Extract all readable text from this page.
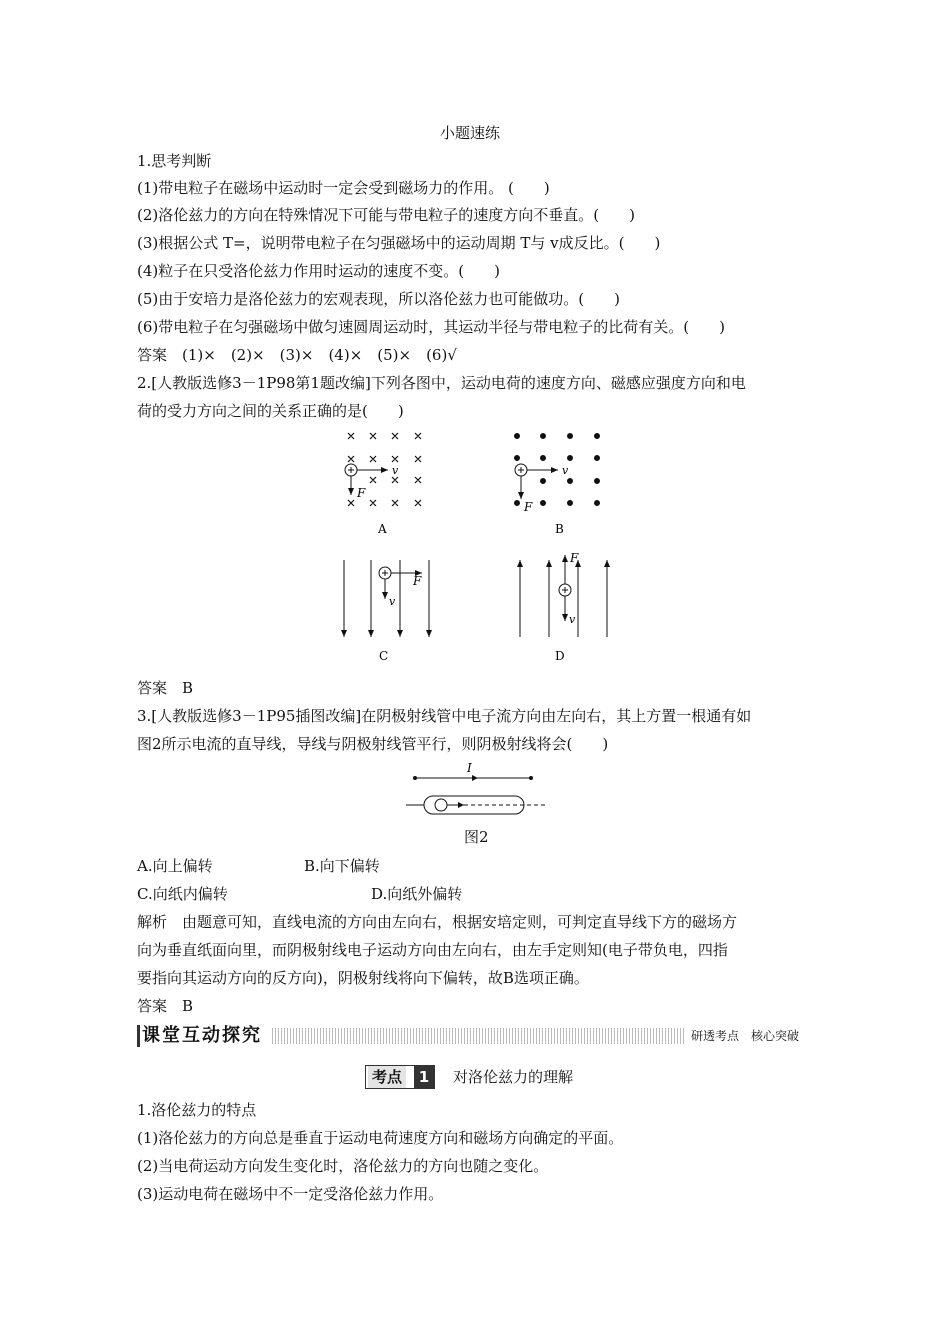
小题速练
1.思考判断
(1)带电粒子在磁场中运动时一定会受到磁场力的作用。 (　　)
(2)洛伦兹力的方向在特殊情况下可能与带电粒子的速度方向不垂直。(　　)
(3)根据公式 T=，说明带电粒子在匀强磁场中的运动周期 T与 v成反比。(　　)
(4)粒子在只受洛伦兹力作用时运动的速度不变。(　　)
(5)由于安培力是洛伦兹力的宏观表现，所以洛伦兹力也可能做功。(　　)
(6)带电粒子在匀强磁场中做匀速圆周运动时，其运动半径与带电粒子的比荷有关。(　　)
答案　(1)×　(2)×　(3)×　(4)×　(5)×　(6)√
2.[人教版选修3－1P98第1题改编]下列各图中，运动电荷的速度方向、磁感应强度方向和电
荷的受力方向之间的关系正确的是(　　)
v
F
A
v
F
B
F
v
C
F
v
D
答案　B
3.[人教版选修3－1P95插图改编]在阴极射线管中电子流方向由左向右，其上方置一根通有如
图2所示电流的直导线，导线与阴极射线管平行，则阴极射线将会(　　)
I
图2
A.向上偏转	B.向下偏转
C.向纸内偏转	D.向纸外偏转
解析　由题意可知，直线电流的方向由左向右，根据安培定则，可判定直导线下方的磁场方
向为垂直纸面向里，而阴极射线电子运动方向由左向右，由左手定则知(电子带负电，四指
要指向其运动方向的反方向)，阴极射线将向下偏转，故B选项正确。
答案　B
课堂互动探究	研透考点　核心突破
考点	1	对洛伦兹力的理解
1.洛伦兹力的特点
(1)洛伦兹力的方向总是垂直于运动电荷速度方向和磁场方向确定的平面。
(2)当电荷运动方向发生变化时，洛伦兹力的方向也随之变化。
(3)运动电荷在磁场中不一定受洛伦兹力作用。
